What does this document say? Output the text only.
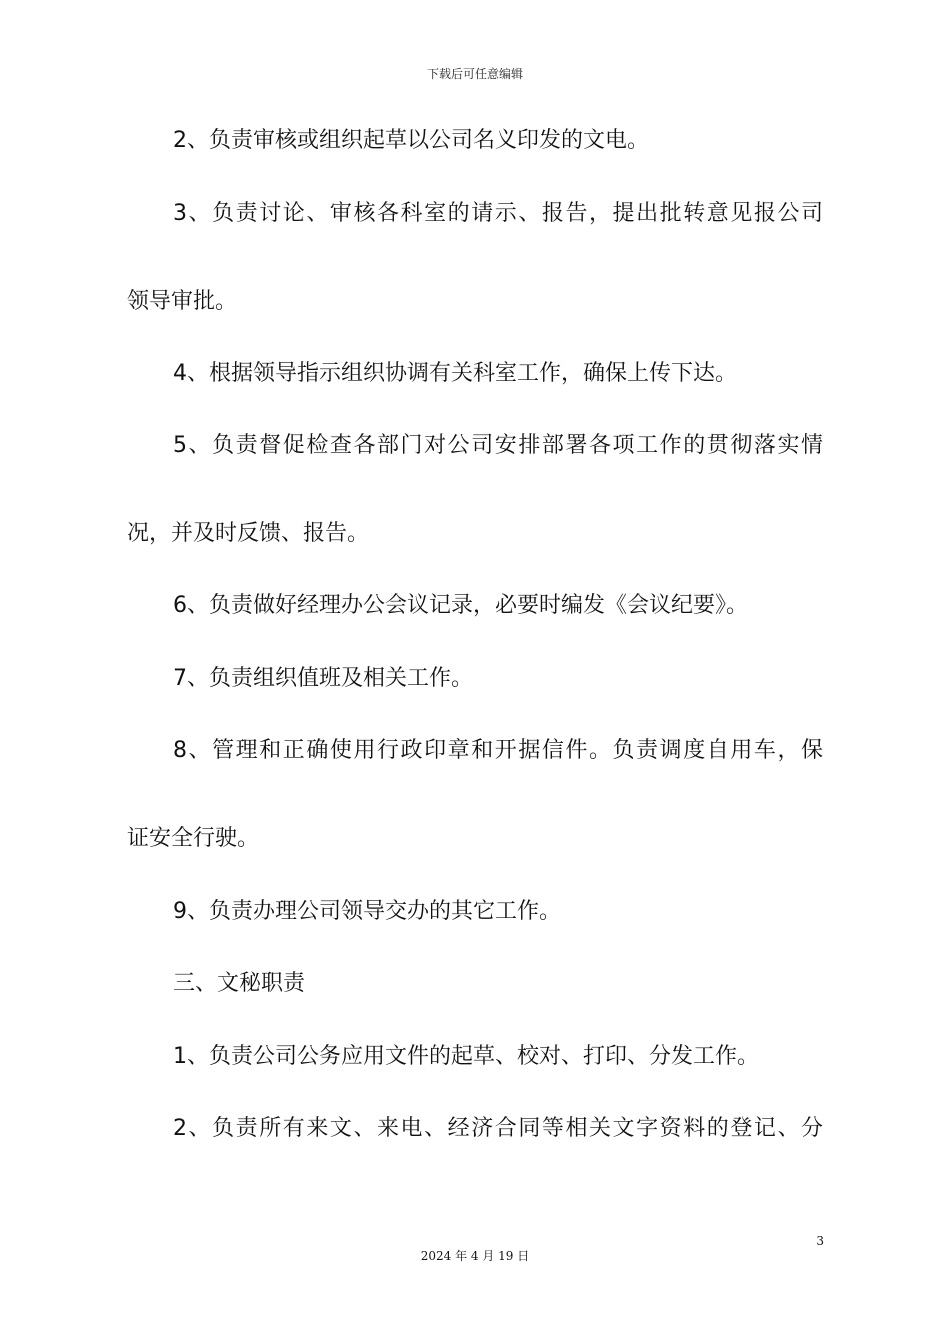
下载后可任意编辑
2、负责审核或组织起草以公司名义印发的文电。
3、负责讨论、审核各科室的请示、报告，提出批转意见报公司
领导审批。
4、根据领导指示组织协调有关科室工作，确保上传下达。
5、负责督促检查各部门对公司安排部署各项工作的贯彻落实情
况，并及时反馈、报告。
6、负责做好经理办公会议记录，必要时编发《会议纪要》。
7、负责组织值班及相关工作。
8、管理和正确使用行政印章和开据信件。负责调度自用车，保
证安全行驶。
9、负责办理公司领导交办的其它工作。
三、文秘职责
1、负责公司公务应用文件的起草、校对、打印、分发工作。
2、负责所有来文、来电、经济合同等相关文字资料的登记、分
3
2024 年 4 月 19 日
